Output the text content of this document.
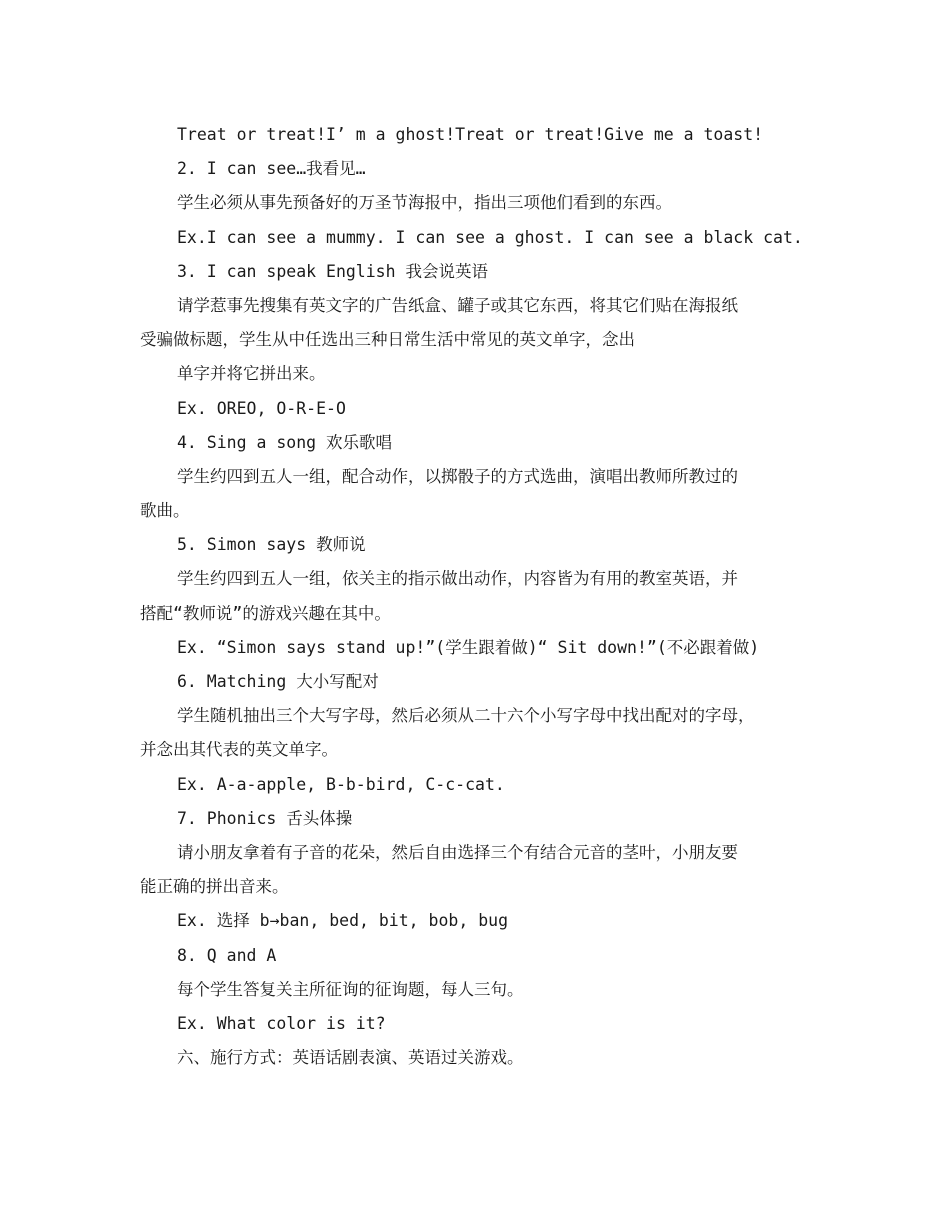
Treat or treat!I’ m a ghost!Treat or treat!Give me a toast!
2. I can see…我看见…
学生必须从事先预备好的万圣节海报中，指出三项他们看到的东西。
Ex.I can see a mummy. I can see a ghost. I can see a black cat.
3. I can speak English 我会说英语
请学惹事先搜集有英文字的广告纸盒、罐子或其它东西，将其它们贴在海报纸
受骗做标题，学生从中任选出三种日常生活中常见的英文单字，念出
单字并将它拼出来。
Ex. OREO, O-R-E-O
4. Sing a song 欢乐歌唱
学生约四到五人一组，配合动作，以掷骰子的方式选曲，演唱出教师所教过的
歌曲。
5. Simon says 教师说
学生约四到五人一组，依关主的指示做出动作，内容皆为有用的教室英语，并
搭配“教师说”的游戏兴趣在其中。
Ex. “Simon says stand up!”(学生跟着做)“ Sit down!”(不必跟着做)
6. Matching 大小写配对
学生随机抽出三个大写字母，然后必须从二十六个小写字母中找出配对的字母，
并念出其代表的英文单字。
Ex. A-a-apple, B-b-bird, C-c-cat.
7. Phonics 舌头体操
请小朋友拿着有子音的花朵，然后自由选择三个有结合元音的茎叶，小朋友要
能正确的拼出音来。
Ex. 选择 b→ban, bed, bit, bob, bug
8. Q and A
每个学生答复关主所征询的征询题，每人三句。
Ex. What color is it?
六、施行方式：英语话剧表演、英语过关游戏。
